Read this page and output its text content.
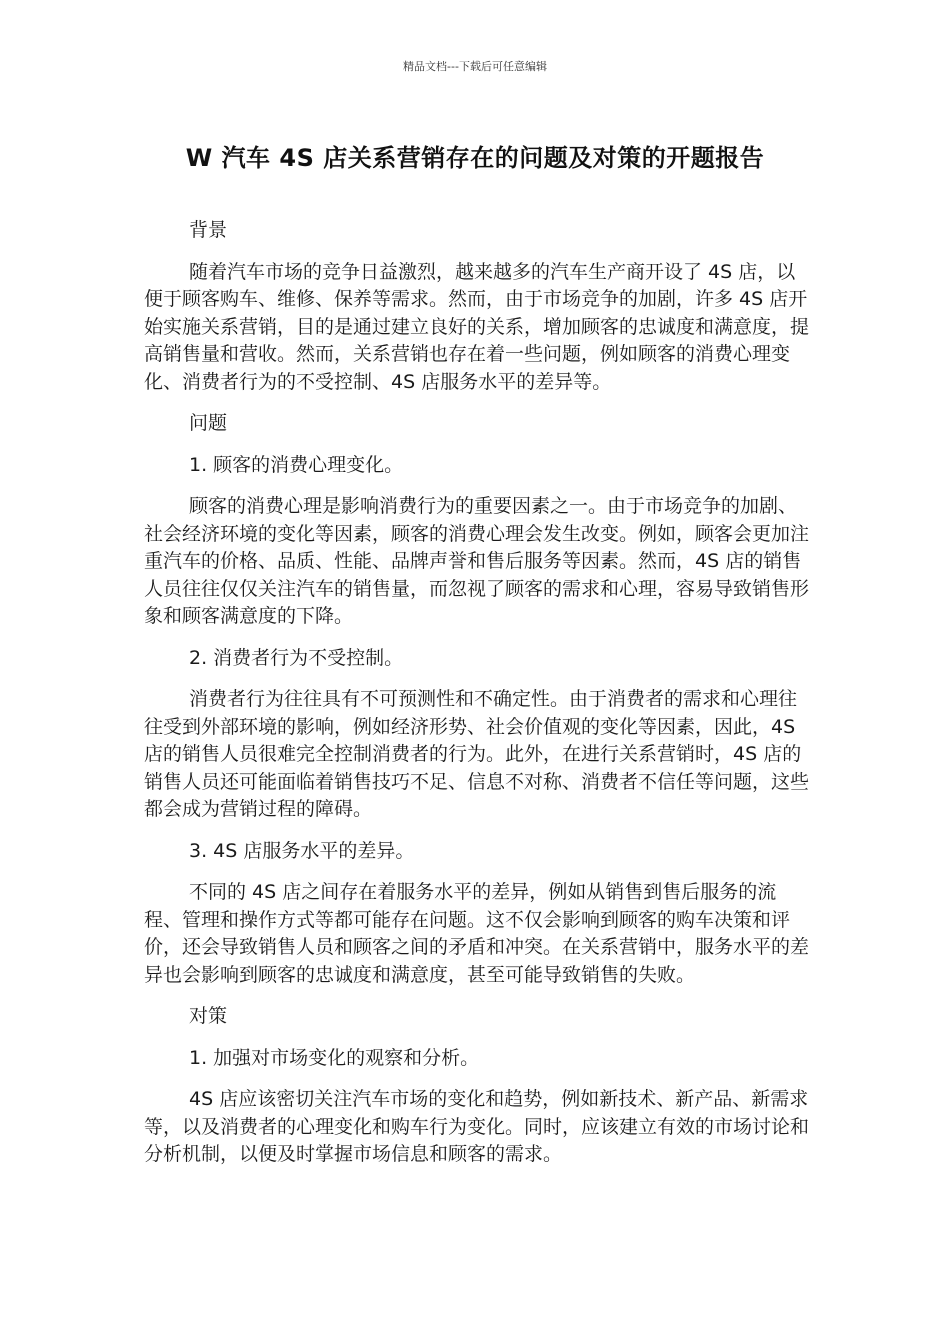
精品文档---下载后可任意编辑
W 汽车 4S 店关系营销存在的问题及对策的开题报告

背景

随着汽车市场的竞争日益激烈，越来越多的汽车生产商开设了 4S 店，以便于顾客购车、维修、保养等需求。然而，由于市场竞争的加剧，许多 4S 店开始实施关系营销，目的是通过建立良好的关系，增加顾客的忠诚度和满意度，提高销售量和营收。然而，关系营销也存在着一些问题，例如顾客的消费心理变化、消费者行为的不受控制、4S 店服务水平的差异等。

问题

1. 顾客的消费心理变化。

顾客的消费心理是影响消费行为的重要因素之一。由于市场竞争的加剧、社会经济环境的变化等因素，顾客的消费心理会发生改变。例如，顾客会更加注重汽车的价格、品质、性能、品牌声誉和售后服务等因素。然而，4S 店的销售人员往往仅仅关注汽车的销售量，而忽视了顾客的需求和心理，容易导致销售形象和顾客满意度的下降。

2. 消费者行为不受控制。

消费者行为往往具有不可预测性和不确定性。由于消费者的需求和心理往往受到外部环境的影响，例如经济形势、社会价值观的变化等因素，因此，4S 店的销售人员很难完全控制消费者的行为。此外，在进行关系营销时，4S 店的销售人员还可能面临着销售技巧不足、信息不对称、消费者不信任等问题，这些都会成为营销过程的障碍。

3. 4S 店服务水平的差异。

不同的 4S 店之间存在着服务水平的差异，例如从销售到售后服务的流程、管理和操作方式等都可能存在问题。这不仅会影响到顾客的购车决策和评价，还会导致销售人员和顾客之间的矛盾和冲突。在关系营销中，服务水平的差异也会影响到顾客的忠诚度和满意度，甚至可能导致销售的失败。

对策

1. 加强对市场变化的观察和分析。

4S 店应该密切关注汽车市场的变化和趋势，例如新技术、新产品、新需求等，以及消费者的心理变化和购车行为变化。同时，应该建立有效的市场讨论和分析机制，以便及时掌握市场信息和顾客的需求。
